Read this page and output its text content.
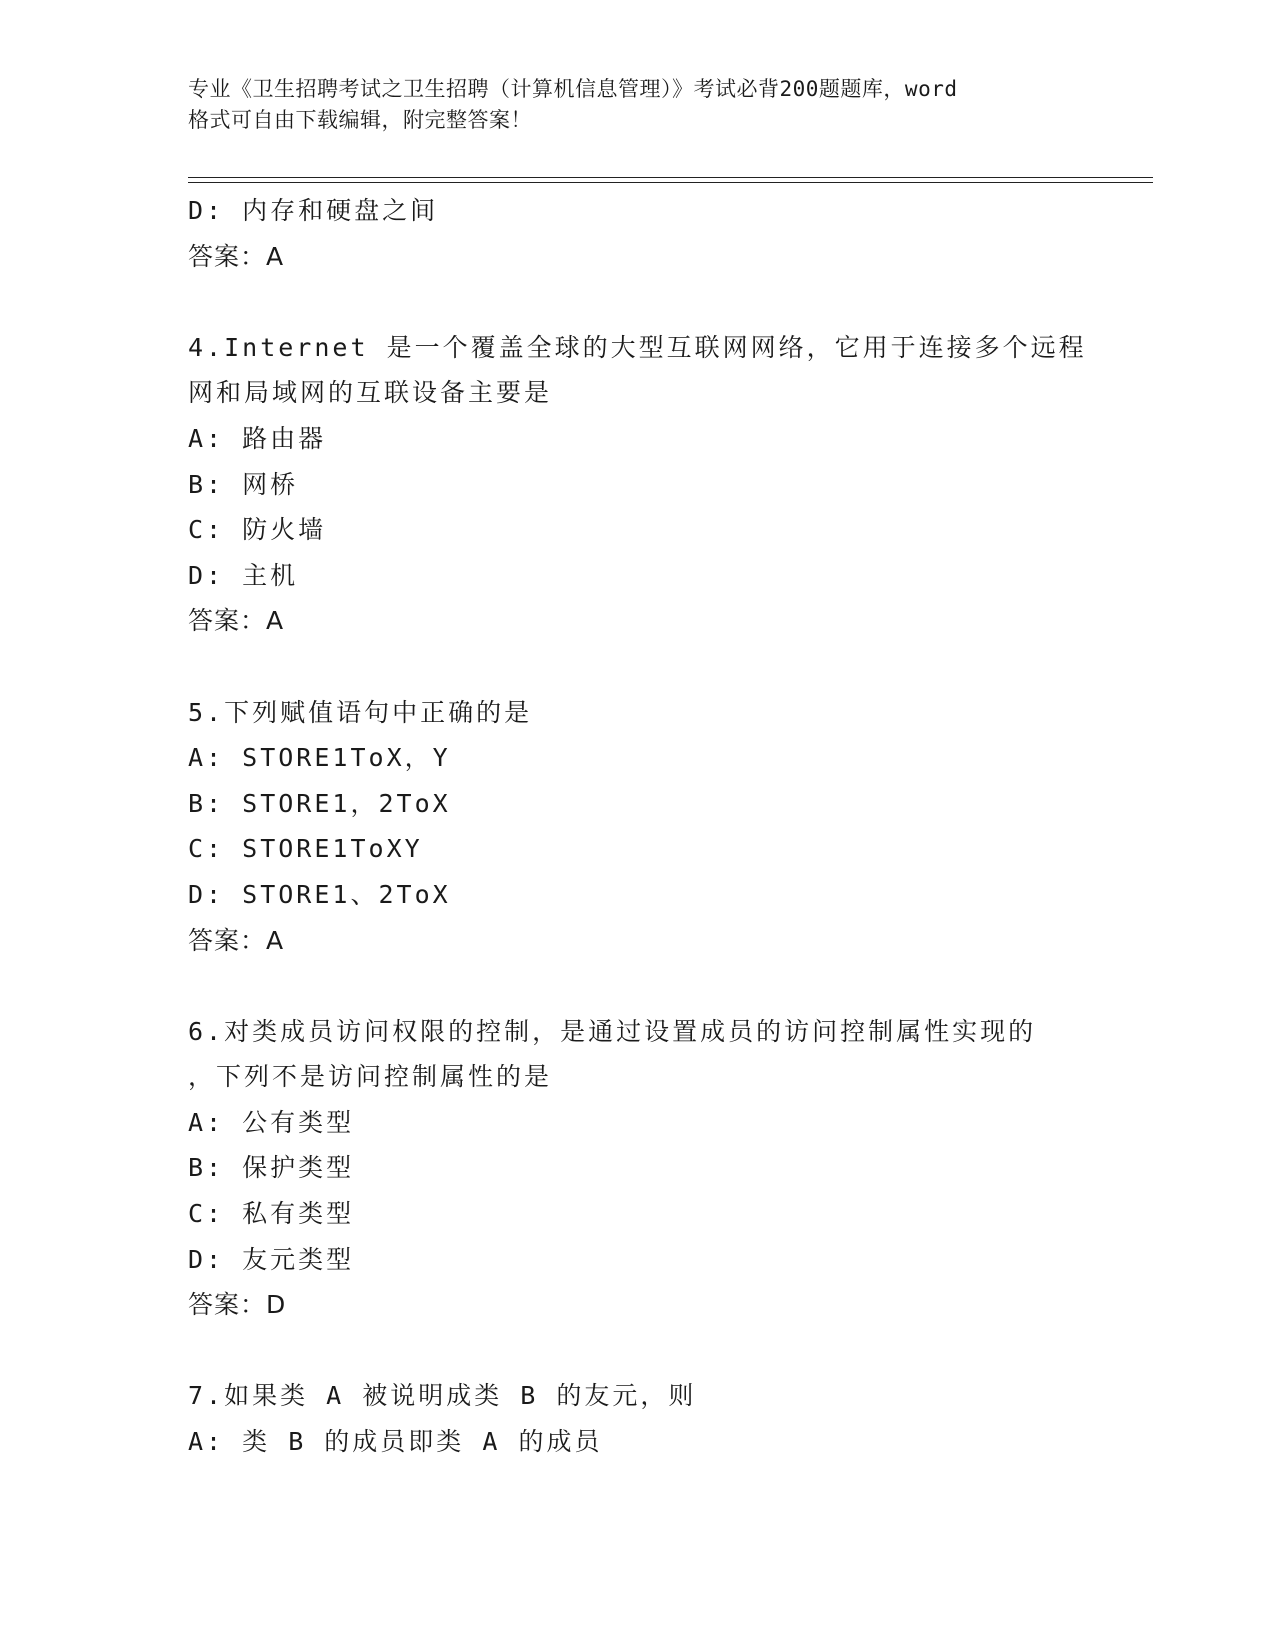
专业《卫生招聘考试之卫生招聘（计算机信息管理）》考试必背200题题库，word
格式可自由下载编辑，附完整答案！
D: 内存和硬盘之间
答案：A
4.Internet 是一个覆盖全球的大型互联网网络，它用于连接多个远程
网和局域网的互联设备主要是
A: 路由器
B: 网桥
C: 防火墙
D: 主机
答案：A
5.下列赋值语句中正确的是
A: STORE1ToX，Y
B: STORE1，2ToX
C: STORE1ToXY
D: STORE1、2ToX
答案：A
6.对类成员访问权限的控制，是通过设置成员的访问控制属性实现的
，下列不是访问控制属性的是
A: 公有类型
B: 保护类型
C: 私有类型
D: 友元类型
答案：D
7.如果类 A 被说明成类 B 的友元，则
A: 类 B 的成员即类 A 的成员
